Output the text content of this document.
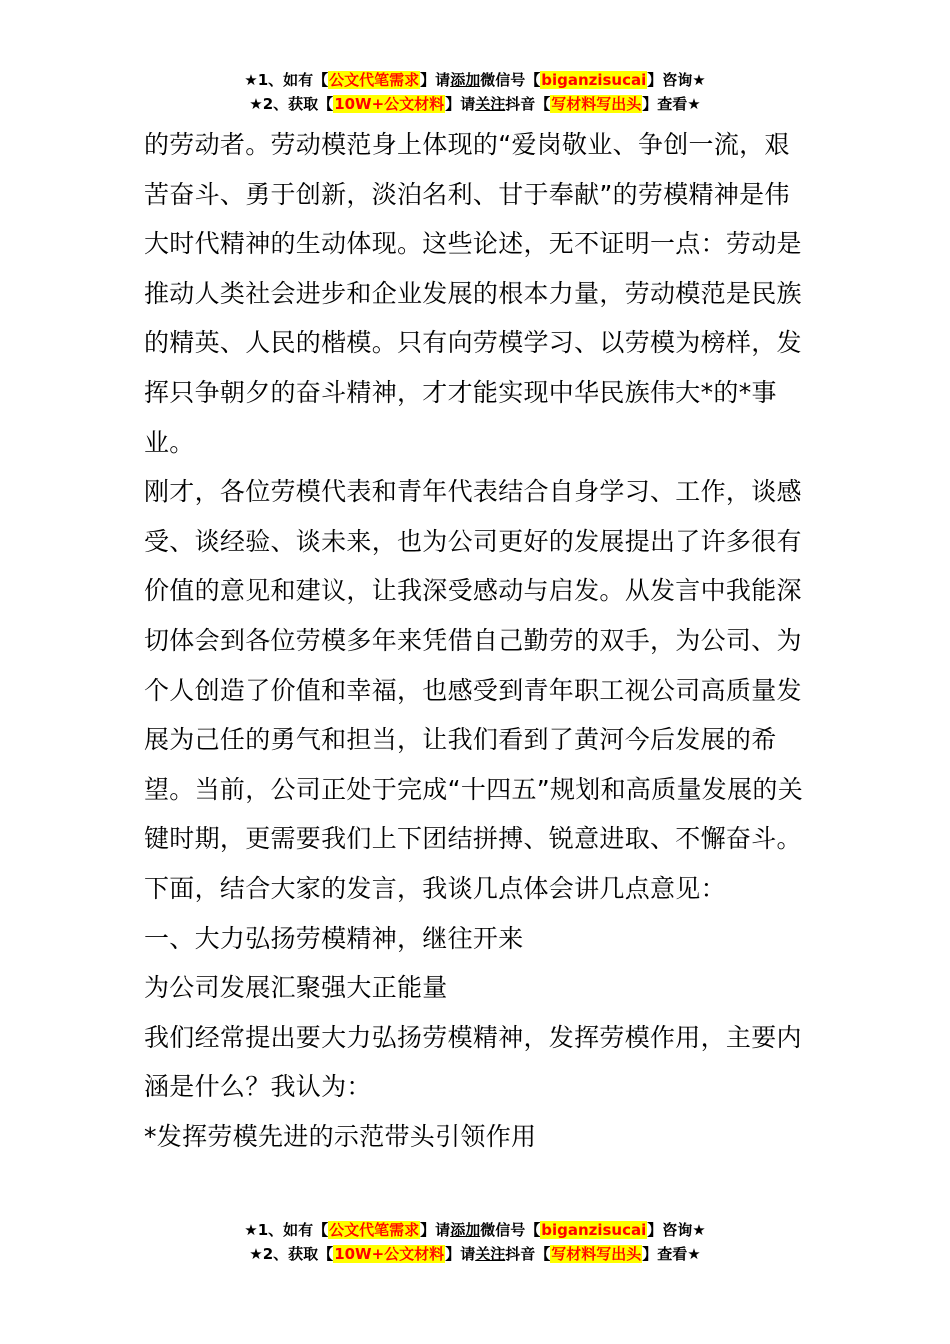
★1、如有【公文代笔需求】请添加微信号【biganzisucai】咨询★
★2、获取【10W+公文材料】请关注抖音【写材料写出头】查看★

的劳动者。劳动模范身上体现的“爱岗敬业、争创一流，艰苦奋斗、勇于创新，淡泊名利、甘于奉献”的劳模精神是伟大时代精神的生动体现。这些论述，无不证明一点：劳动是推动人类社会进步和企业发展的根本力量，劳动模范是民族的精英、人民的楷模。只有向劳模学习、以劳模为榜样，发挥只争朝夕的奋斗精神，才才能实现中华民族伟大*的*事业。

刚才，各位劳模代表和青年代表结合自身学习、工作，谈感受、谈经验、谈未来，也为公司更好的发展提出了许多很有价值的意见和建议，让我深受感动与启发。从发言中我能深切体会到各位劳模多年来凭借自己勤劳的双手，为公司、为个人创造了价值和幸福，也感受到青年职工视公司高质量发展为己任的勇气和担当，让我们看到了黄河今后发展的希望。当前，公司正处于完成“十四五”规划和高质量发展的关键时期，更需要我们上下团结拼搏、锐意进取、不懈奋斗。下面，结合大家的发言，我谈几点体会讲几点意见：

一、大力弘扬劳模精神，继往开来

为公司发展汇聚强大正能量

我们经常提出要大力弘扬劳模精神，发挥劳模作用，主要内涵是什么？我认为：

*发挥劳模先进的示范带头引领作用

★1、如有【公文代笔需求】请添加微信号【biganzisucai】咨询★
★2、获取【10W+公文材料】请关注抖音【写材料写出头】查看★
